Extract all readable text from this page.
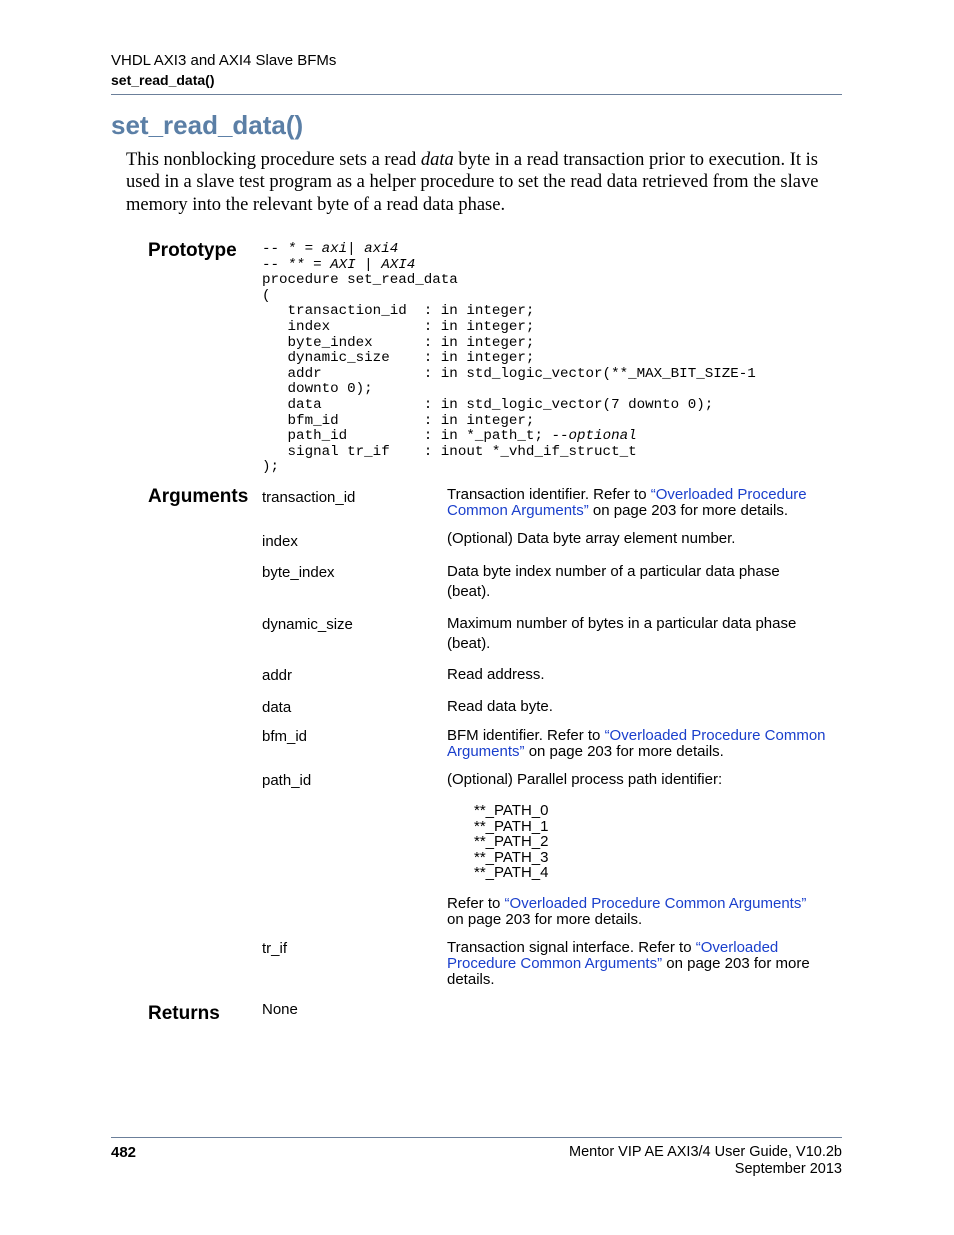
VHDL AXI3 and AXI4 Slave BFMs
set_read_data()
set_read_data()
This nonblocking procedure sets a read data byte in a read transaction prior to execution. It is used in a slave test program as a helper procedure to set the read data retrieved from the slave memory into the relevant byte of a read data phase.
Prototype -- * = axi| axi4
-- ** = AXI | AXI4
procedure set_read_data
(
transaction_id  : in integer;
index           : in integer;
byte_index      : in integer;
dynamic_size    : in integer;
addr            : in std_logic_vector(**_MAX_BIT_SIZE-1
downto 0);
data            : in std_logic_vector(7 downto 0);
bfm_id          : in integer;
path_id         : in *_path_t; --optional
signal tr_if    : inout *_vhd_if_struct_t
);
Arguments transaction_id	Transaction identifier. Refer to “Overloaded Procedure Common Arguments” on page 203 for more details.
index	(Optional) Data byte array element number.
byte_index	Data byte index number of a particular data phase (beat).
dynamic_size	Maximum number of bytes in a particular data phase (beat).
addr	Read address.
data	Read data byte.
bfm_id	BFM identifier. Refer to “Overloaded Procedure Common Arguments” on page 203 for more details.
path_id	(Optional) Parallel process path identifier:
**_PATH_0
**_PATH_1
**_PATH_2
**_PATH_3
**_PATH_4
Refer to “Overloaded Procedure Common Arguments” on page 203 for more details.
tr_if	Transaction signal interface. Refer to “Overloaded Procedure Common Arguments” on page 203 for more details.
Returns	None
482	Mentor VIP AE AXI3/4 User Guide, V10.2b
September 2013
